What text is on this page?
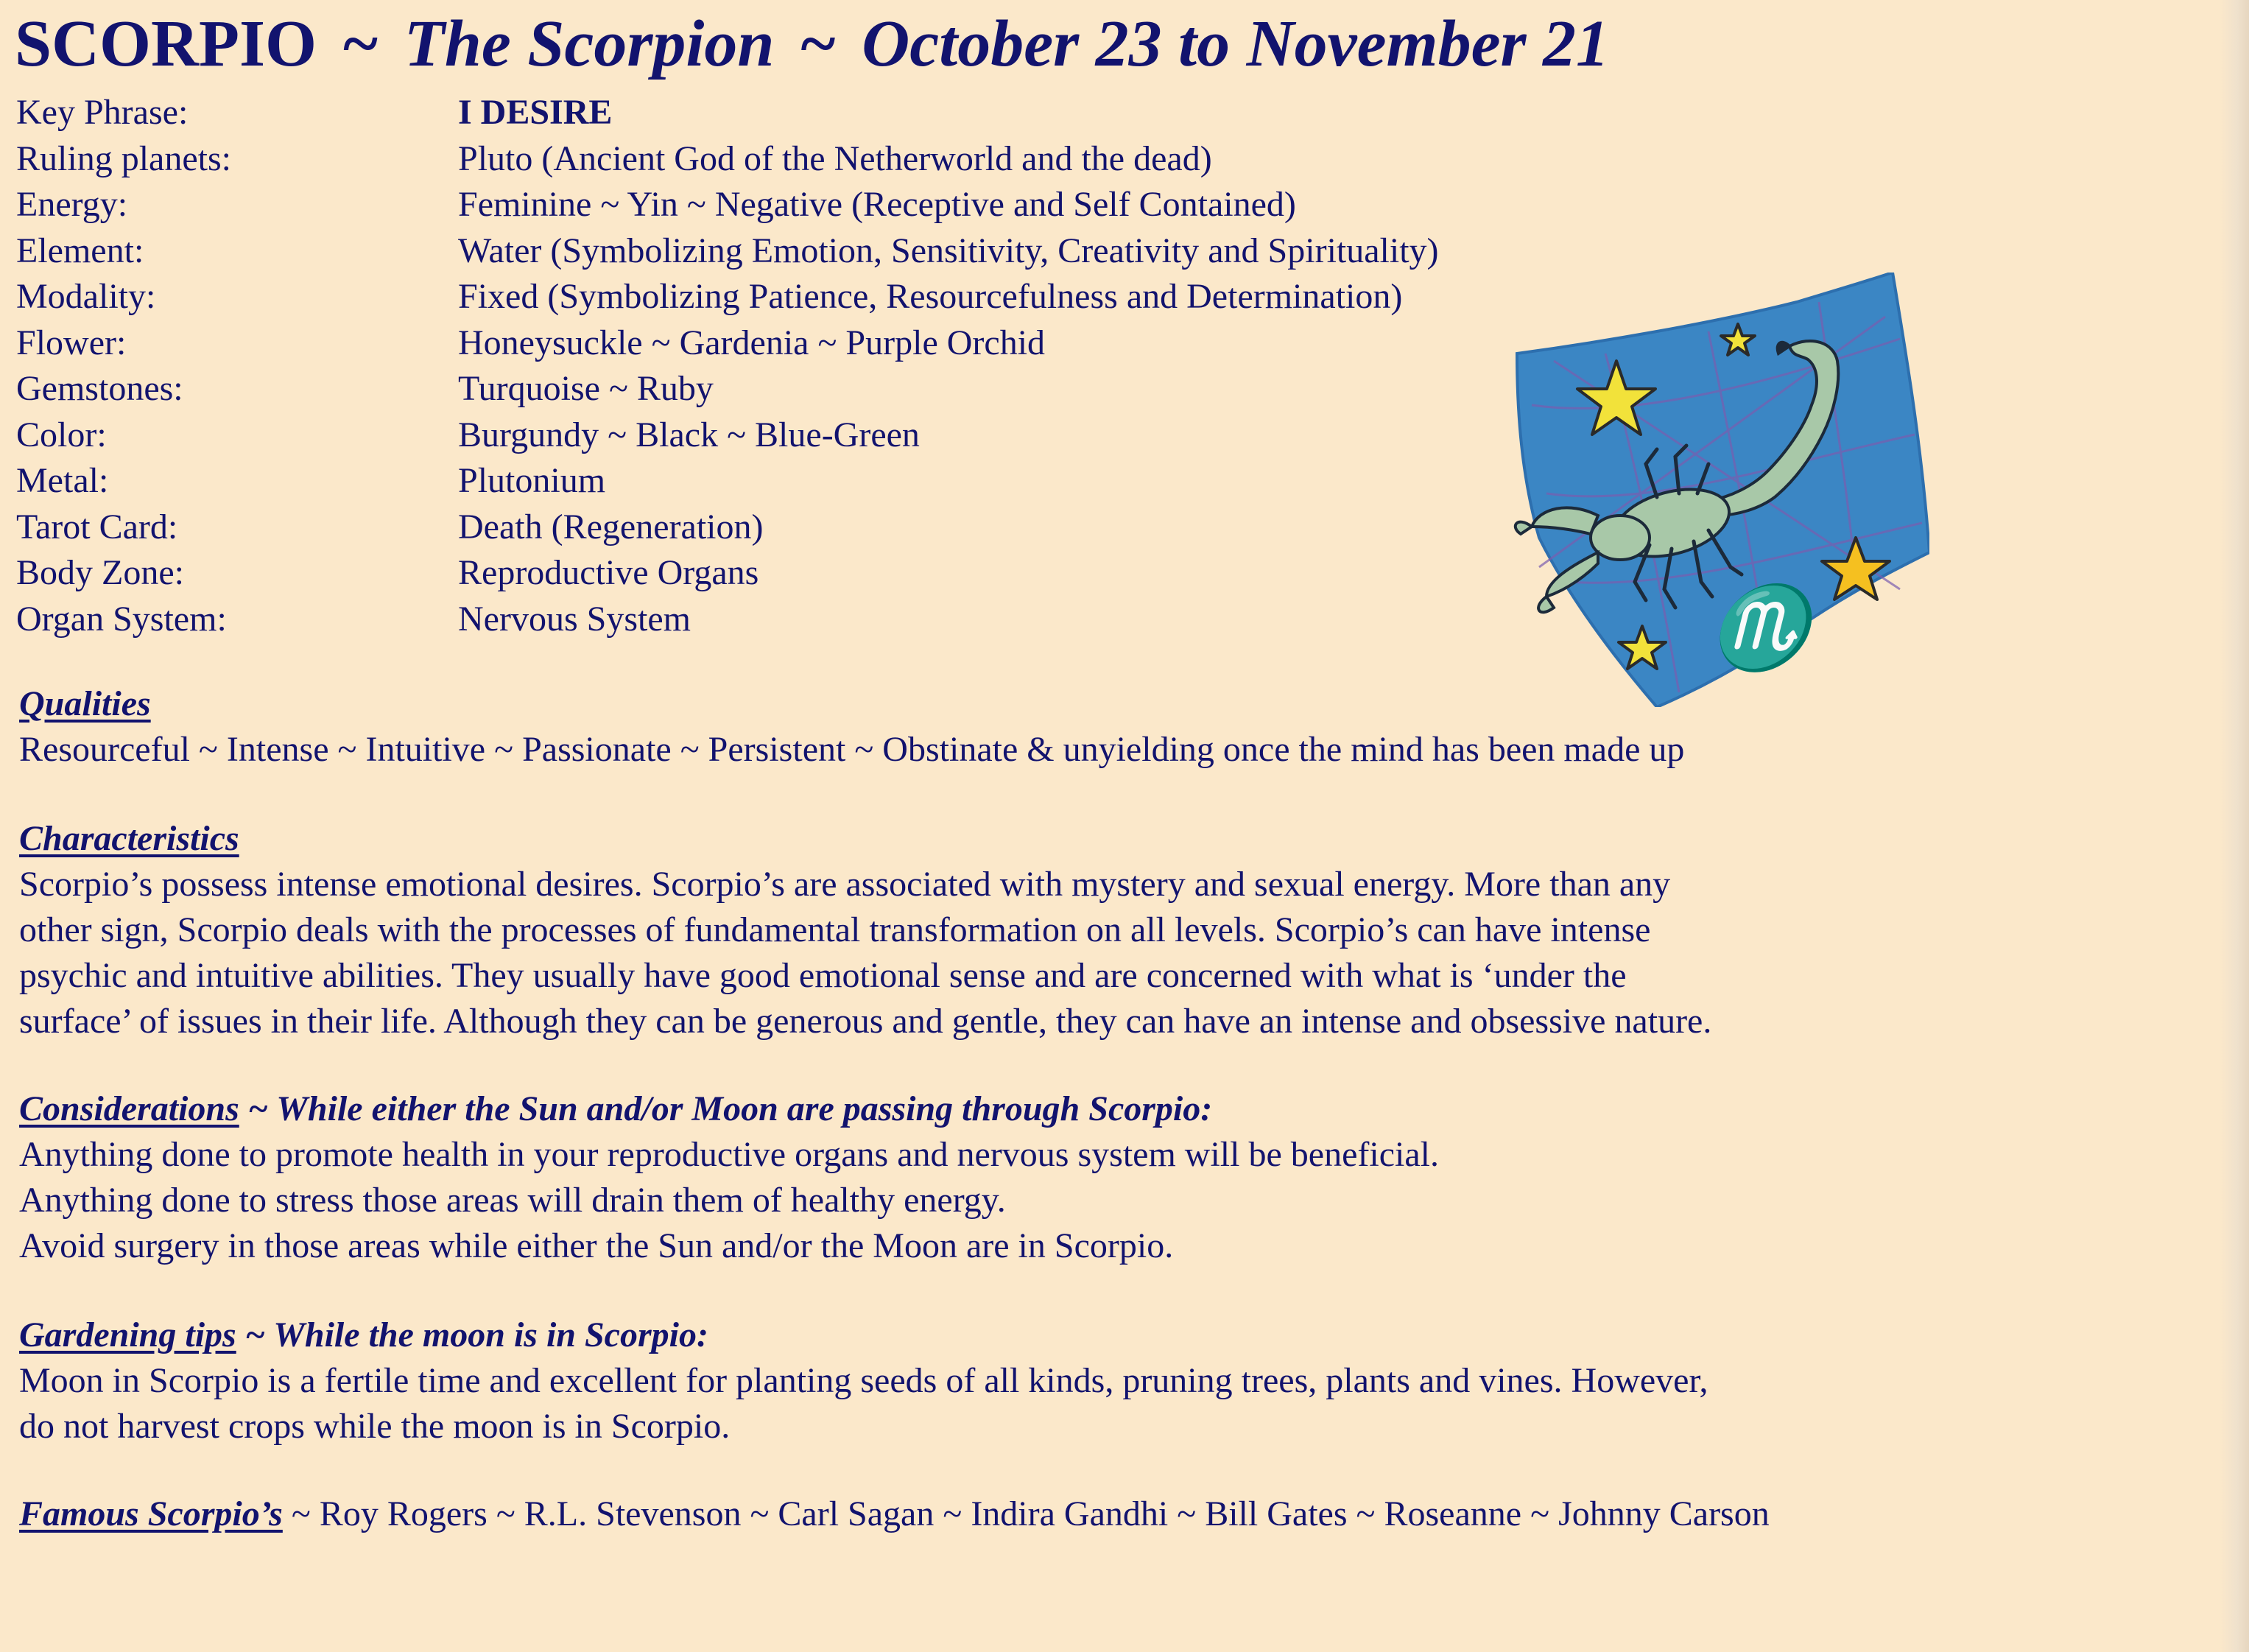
SCORPIO ~ The Scorpion ~ October 23 to November 21
Key Phrase:	I DESIRE
Ruling planets:	Pluto (Ancient God of the Netherworld and the dead)
Energy:	Feminine ~ Yin ~ Negative (Receptive and Self Contained)
Element:	Water (Symbolizing Emotion, Sensitivity, Creativity and Spirituality)
Modality:	Fixed (Symbolizing Patience, Resourcefulness and Determination)
Flower:	Honeysuckle ~ Gardenia ~ Purple Orchid
Gemstones:	Turquoise ~ Ruby
Color:	Burgundy ~ Black ~ Blue-Green
Metal:	Plutonium
Tarot Card:	Death (Regeneration)
Body Zone:	Reproductive Organs
Organ System:	Nervous System	♏
Qualities
Resourceful ~ Intense ~ Intuitive ~ Passionate ~ Persistent ~ Obstinate & unyielding once the mind has been made up
Characteristics
Scorpio’s possess intense emotional desires. Scorpio’s are associated with mystery and sexual energy. More than any
other sign, Scorpio deals with the processes of fundamental transformation on all levels. Scorpio’s can have intense
psychic and intuitive abilities. They usually have good emotional sense and are concerned with what is ‘under the
surface’ of issues in their life. Although they can be generous and gentle, they can have an intense and obsessive nature.
Considerations ~ While either the Sun and/or Moon are passing through Scorpio:
Anything done to promote health in your reproductive organs and nervous system will be beneficial.
Anything done to stress those areas will drain them of healthy energy.
Avoid surgery in those areas while either the Sun and/or the Moon are in Scorpio.
Gardening tips ~ While the moon is in Scorpio:
Moon in Scorpio is a fertile time and excellent for planting seeds of all kinds, pruning trees, plants and vines. However,
do not harvest crops while the moon is in Scorpio.
Famous Scorpio’s ~ Roy Rogers ~ R.L. Stevenson ~ Carl Sagan ~ Indira Gandhi ~ Bill Gates ~ Roseanne ~ Johnny Carson
